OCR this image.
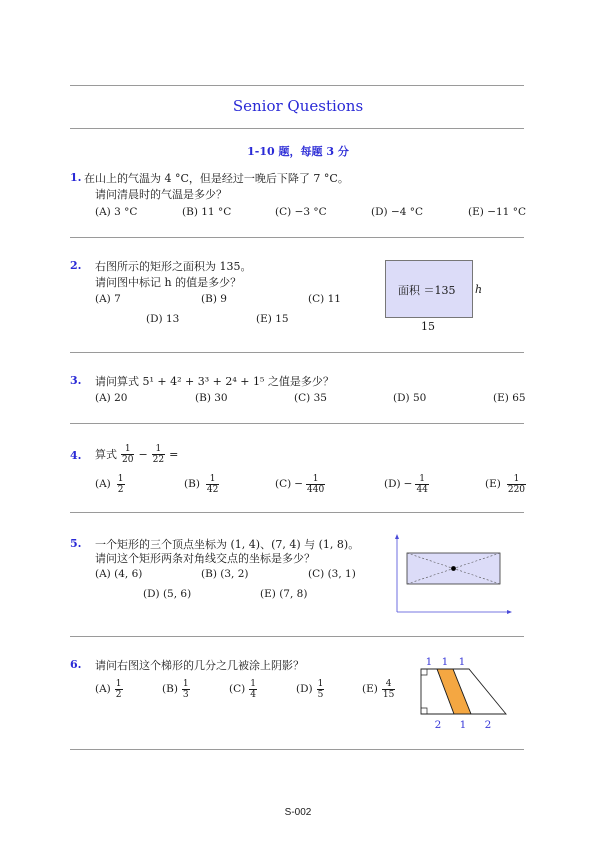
Senior Questions
1-10 题，每题 3 分
1. 在山上的气温为 4 °C，但是经过一晚后下降了 7 °C。
请问清晨时的气温是多少？
(A) 3 °C	(B) 11 °C	(C) −3 °C	(D) −4 °C	(E) −11 °C
2. 右图所示的矩形之面积为 135。
请问图中标记 h 的值是多少？
(A) 7	(B) 9	(C) 11
(D) 13	(E) 15
面积 ＝135 h
15
3. 请问算式 5¹ + 4² + 3³ + 2⁴ + 1⁵ 之值是多少？
(A) 20	(B) 30	(C) 35	(D) 50	(E) 65
4. 算式 $\frac{1}{20} - \frac{1}{22}$ =
$(A) \frac{1}{2}$	$(B) \frac{1}{42}$	$(C) - \frac{1}{440}$	$(D) - \frac{1}{44}$	$(E) \frac{1}{220}$
5. 一个矩形的三个顶点坐标为 (1, 4)、(7, 4) 与 (1, 8)。
请问这个矩形两条对角线交点的坐标是多少？
(A) (4, 6)	(B) (3, 2)	(C) (3, 1)
(D) (5, 6)	(E) (7, 8)
6. 请问右图这个梯形的几分之几被涂上阴影？
$(A) \frac{1}{2}$	$(B) \frac{1}{3}$	$(C) \frac{1}{4}$	$(D) \frac{1}{5}$	$(E) \frac{4}{15}$
1 1 1
2 1 2
S-002
